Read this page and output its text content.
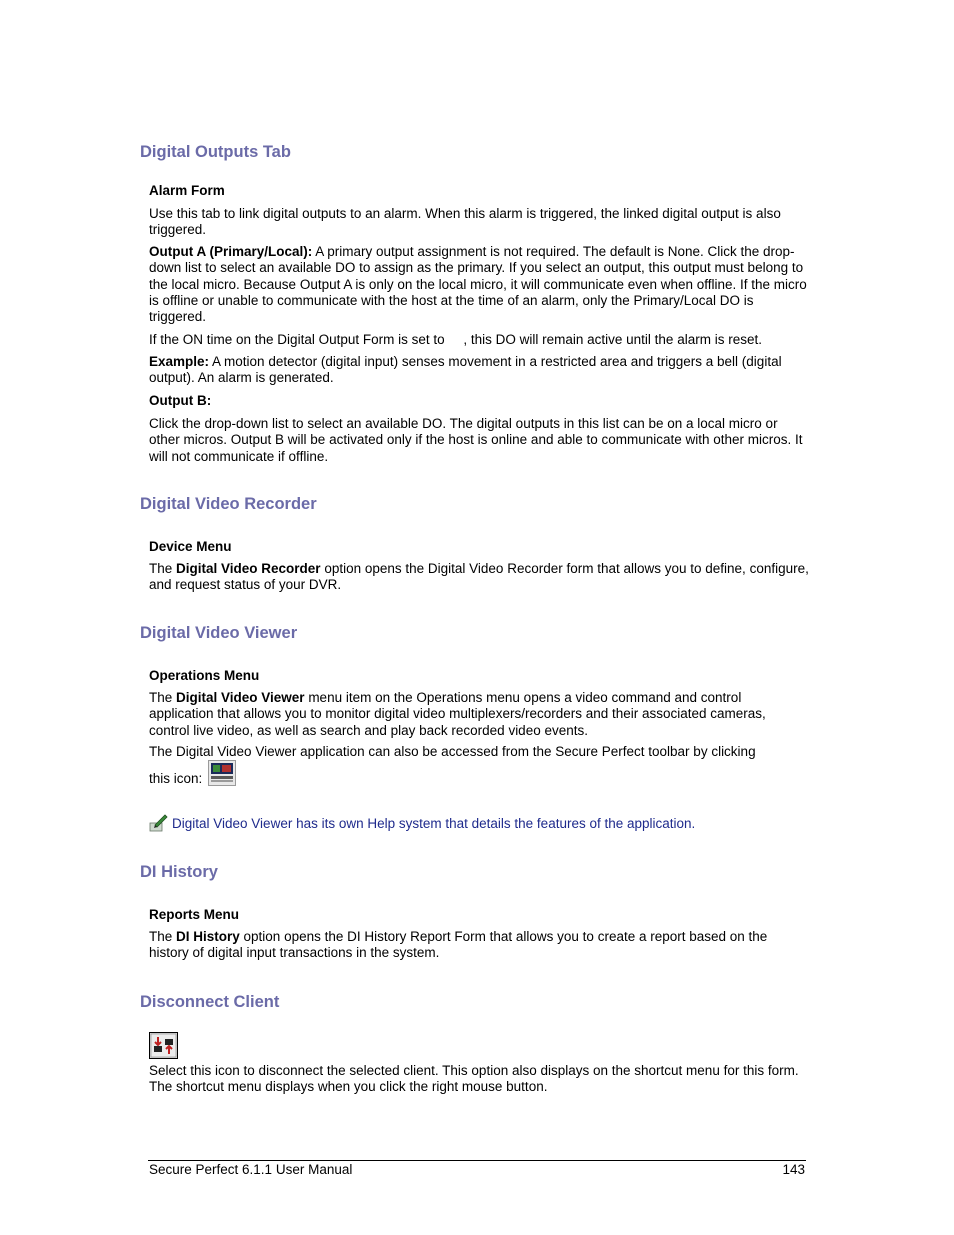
Digital Outputs Tab
Alarm Form

Use this tab to link digital outputs to an alarm. When this alarm is triggered, the linked digital output is also triggered.

Output A (Primary/Local): A primary output assignment is not required. The default is None. Click the drop-down list to select an available DO to assign as the primary. If you select an output, this output must belong to the local micro. Because Output A is only on the local micro, it will communicate even when offline. If the micro is offline or unable to communicate with the host at the time of an alarm, only the Primary/Local DO is triggered.

If the ON time on the Digital Output Form is set to     , this DO will remain active until the alarm is reset.

Example: A motion detector (digital input) senses movement in a restricted area and triggers a bell (digital output). An alarm is generated.

Output B:

Click the drop-down list to select an available DO. The digital outputs in this list can be on a local micro or other micros. Output B will be activated only if the host is online and able to communicate with other micros. It will not communicate if offline.

Digital Video Recorder
Device Menu

The Digital Video Recorder option opens the Digital Video Recorder form that allows you to define, configure, and request status of your DVR.

Digital Video Viewer
Operations Menu

The Digital Video Viewer menu item on the Operations menu opens a video command and control application that allows you to monitor digital video multiplexers/recorders and their associated cameras, control live video, as well as search and play back recorded video events.

The Digital Video Viewer application can also be accessed from the Secure Perfect toolbar by clicking

this icon:

Digital Video Viewer has its own Help system that details the features of the application.

DI History
Reports Menu

The DI History option opens the DI History Report Form that allows you to create a report based on the history of digital input transactions in the system.

Disconnect Client

Select this icon to disconnect the selected client. This option also displays on the shortcut menu for this form. The shortcut menu displays when you click the right mouse button.

Secure Perfect 6.1.1 User Manual	143
